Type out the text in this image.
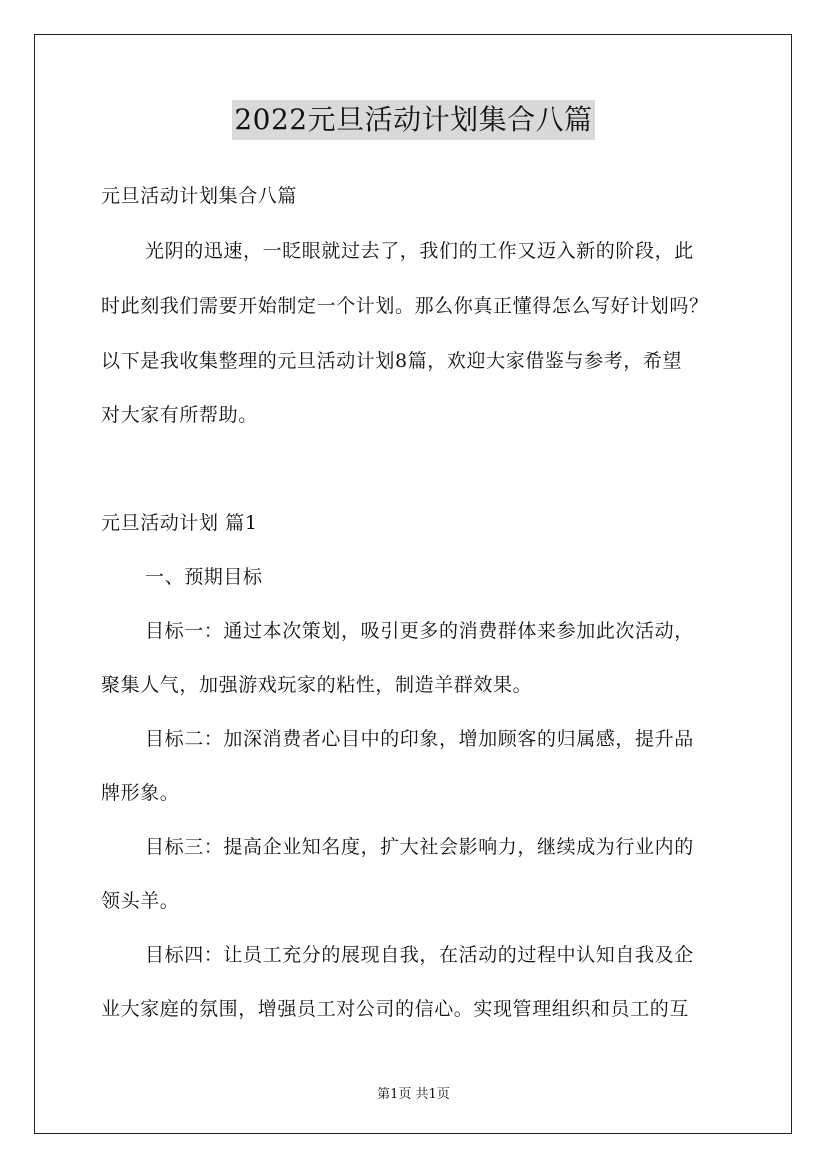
2022元旦活动计划集合八篇
元旦活动计划集合八篇
光阴的迅速，一眨眼就过去了，我们的工作又迈入新的阶段，此
时此刻我们需要开始制定一个计划。那么你真正懂得怎么写好计划吗？
以下是我收集整理的元旦活动计划8篇，欢迎大家借鉴与参考，希望
对大家有所帮助。
元旦活动计划 篇1
一、预期目标
目标一：通过本次策划，吸引更多的消费群体来参加此次活动，
聚集人气，加强游戏玩家的粘性，制造羊群效果。
目标二：加深消费者心目中的印象，增加顾客的归属感，提升品
牌形象。
目标三：提高企业知名度，扩大社会影响力，继续成为行业内的
领头羊。
目标四：让员工充分的展现自我，在活动的过程中认知自我及企
业大家庭的氛围，增强员工对公司的信心。实现管理组织和员工的互
第1页 共1页
